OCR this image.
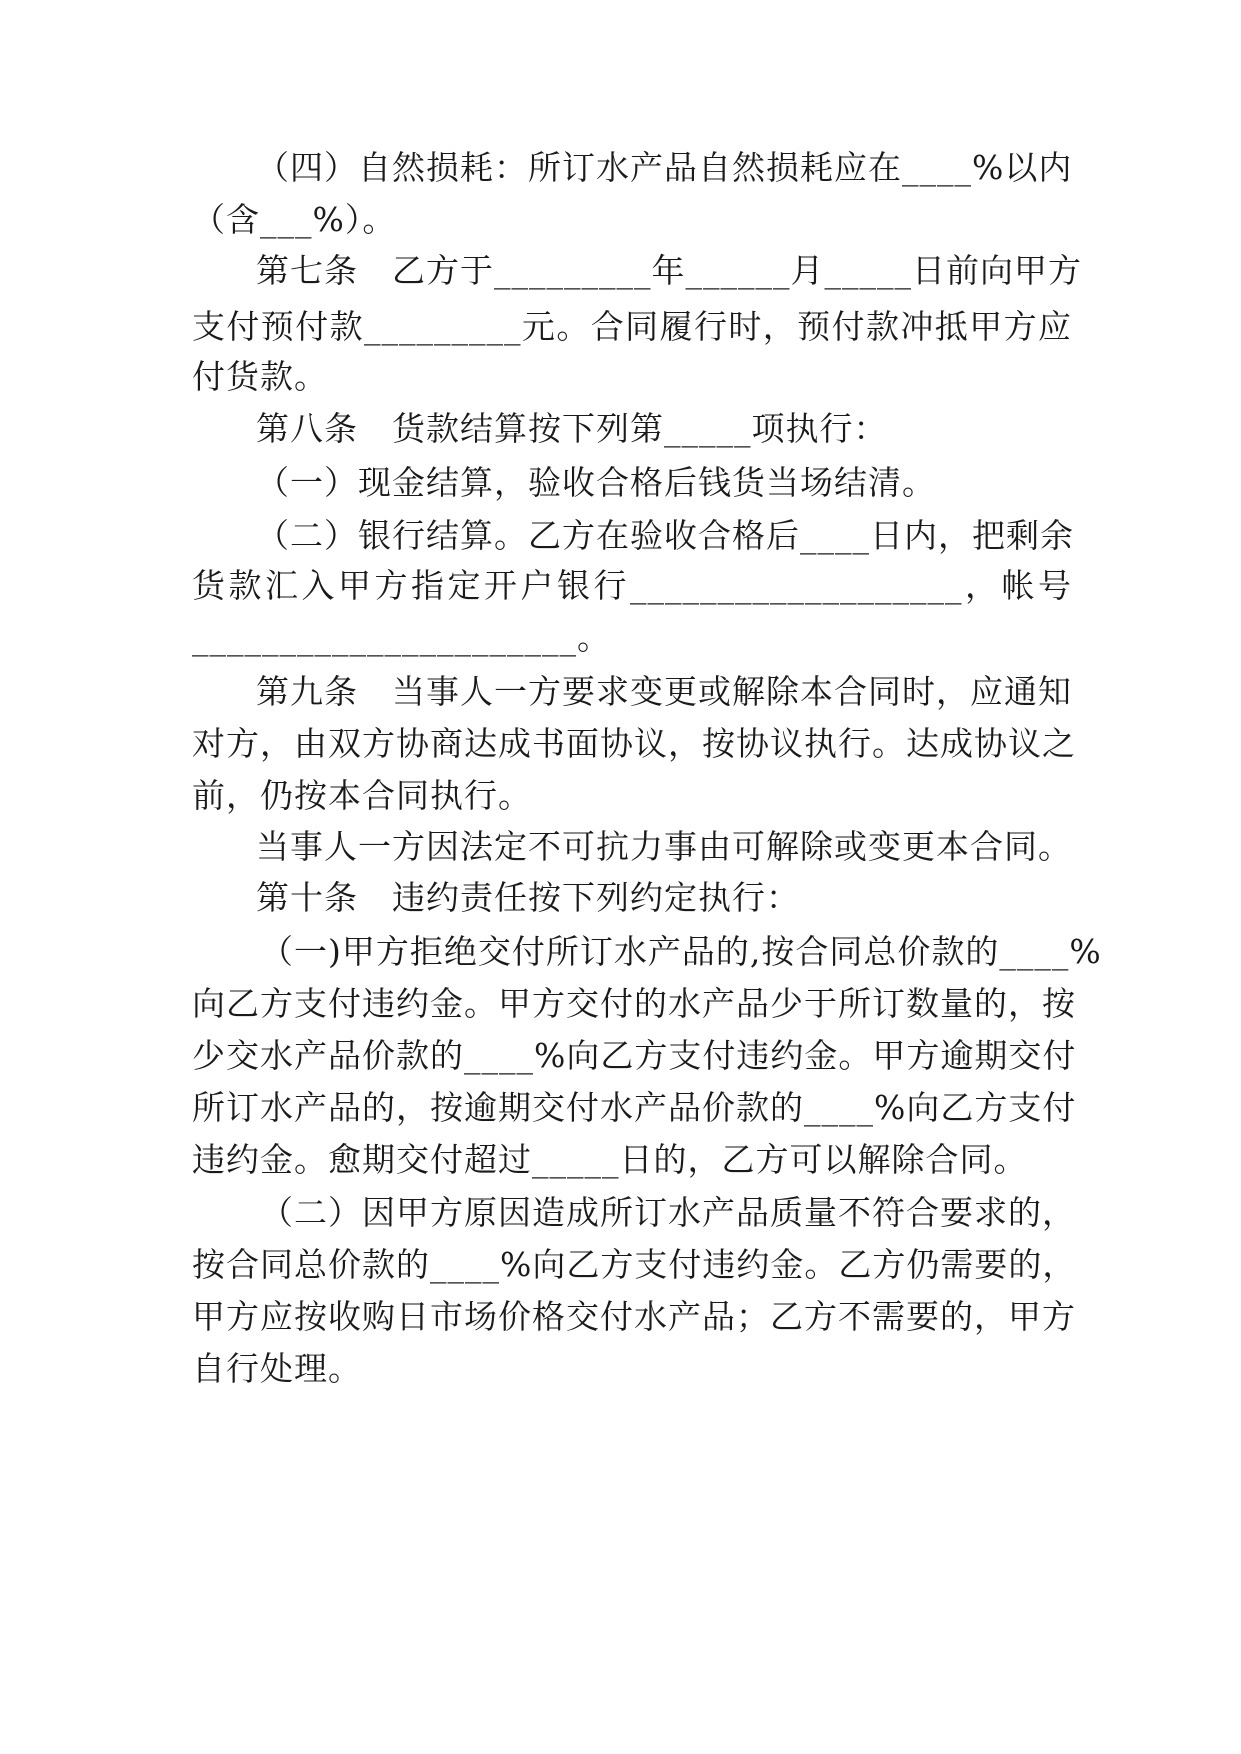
（四）自然损耗：所订水产品自然损耗应在____%以内
（含___%）。
第七条　乙方于_________年______月_____日前向甲方
支付预付款_________元。合同履行时，预付款冲抵甲方应
付货款。
第八条　货款结算按下列第_____项执行：
（一）现金结算，验收合格后钱货当场结清。
（二）银行结算。乙方在验收合格后____日内，把剩余
货款汇入甲方指定开户银行___________________，帐号
______________________。
第九条　当事人一方要求变更或解除本合同时，应通知
对方，由双方协商达成书面协议，按协议执行。达成协议之
前，仍按本合同执行。
当事人一方因法定不可抗力事由可解除或变更本合同。
第十条　违约责任按下列约定执行：
（一)甲方拒绝交付所订水产品的,按合同总价款的____%
向乙方支付违约金。甲方交付的水产品少于所订数量的，按
少交水产品价款的____%向乙方支付违约金。甲方逾期交付
所订水产品的，按逾期交付水产品价款的____%向乙方支付
违约金。愈期交付超过_____日的，乙方可以解除合同。
（二）因甲方原因造成所订水产品质量不符合要求的，
按合同总价款的____%向乙方支付违约金。乙方仍需要的，
甲方应按收购日市场价格交付水产品；乙方不需要的，甲方
自行处理。
